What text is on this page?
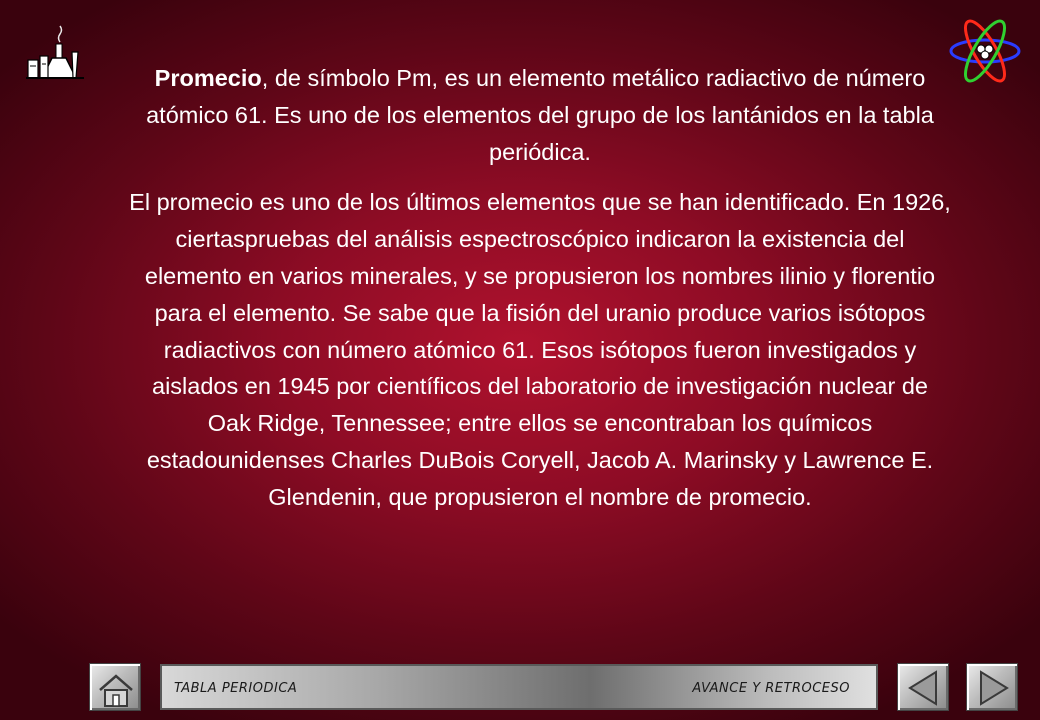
Promecio, de símbolo Pm, es un elemento metálico radiactivo de número atómico 61. Es uno de los elementos del grupo de los lantánidos en la tabla periódica.

El promecio es uno de los últimos elementos que se han identificado. En 1926, ciertaspruebas del análisis espectroscópico indicaron la existencia del elemento en varios minerales, y se propusieron los nombres ilinio y florentio para el elemento. Se sabe que la fisión del uranio produce varios isótopos radiactivos con número atómico 61. Esos isótopos fueron investigados y aislados en 1945 por científicos del laboratorio de investigación nuclear de Oak Ridge, Tennessee; entre ellos se encontraban los químicos estadounidenses Charles DuBois Coryell, Jacob A. Marinsky y Lawrence E. Glendenin, que propusieron el nombre de promecio.

TABLA PERIODICA	AVANCE Y RETROCESO
